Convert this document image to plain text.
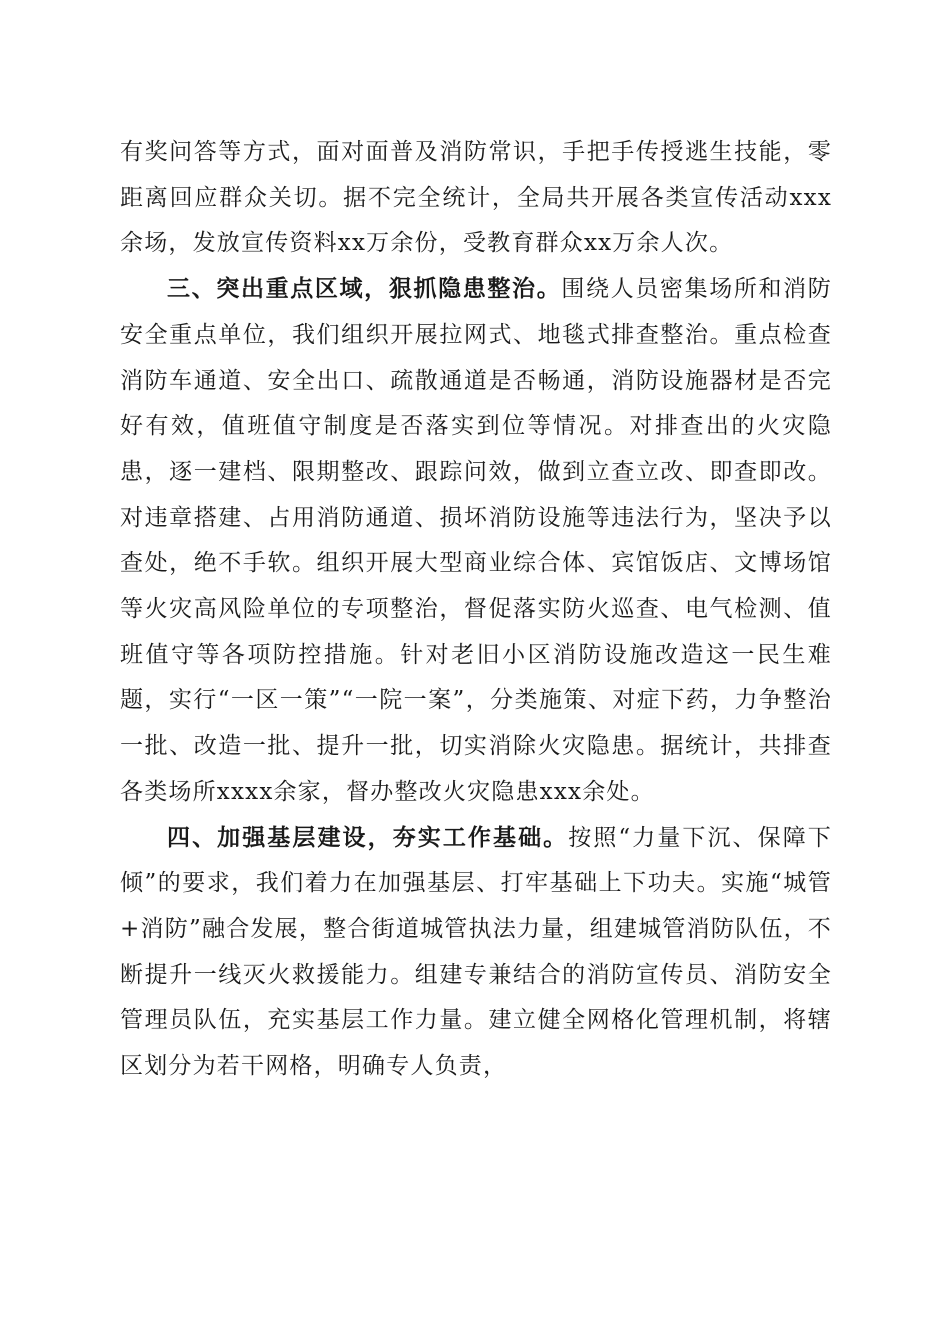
有奖问答等方式，面对面普及消防常识，手把手传授逃生技能，零距离回应群众关切。据不完全统计，全局共开展各类宣传活动xxx余场，发放宣传资料xx万余份，受教育群众xx万余人次。

三、突出重点区域，狠抓隐患整治。围绕人员密集场所和消防安全重点单位，我们组织开展拉网式、地毯式排查整治。重点检查消防车通道、安全出口、疏散通道是否畅通，消防设施器材是否完好有效，值班值守制度是否落实到位等情况。对排查出的火灾隐患，逐一建档、限期整改、跟踪问效，做到立查立改、即查即改。对违章搭建、占用消防通道、损坏消防设施等违法行为，坚决予以查处，绝不手软。组织开展大型商业综合体、宾馆饭店、文博场馆等火灾高风险单位的专项整治，督促落实防火巡查、电气检测、值班值守等各项防控措施。针对老旧小区消防设施改造这一民生难题，实行“一区一策”“一院一案”，分类施策、对症下药，力争整治一批、改造一批、提升一批，切实消除火灾隐患。据统计，共排查各类场所xxxx余家，督办整改火灾隐患xxx余处。

四、加强基层建设，夯实工作基础。按照“力量下沉、保障下倾”的要求，我们着力在加强基层、打牢基础上下功夫。实施“城管+消防”融合发展，整合街道城管执法力量，组建城管消防队伍，不断提升一线灭火救援能力。组建专兼结合的消防宣传员、消防安全管理员队伍，充实基层工作力量。建立健全网格化管理机制，将辖区划分为若干网格，明确专人负责，
